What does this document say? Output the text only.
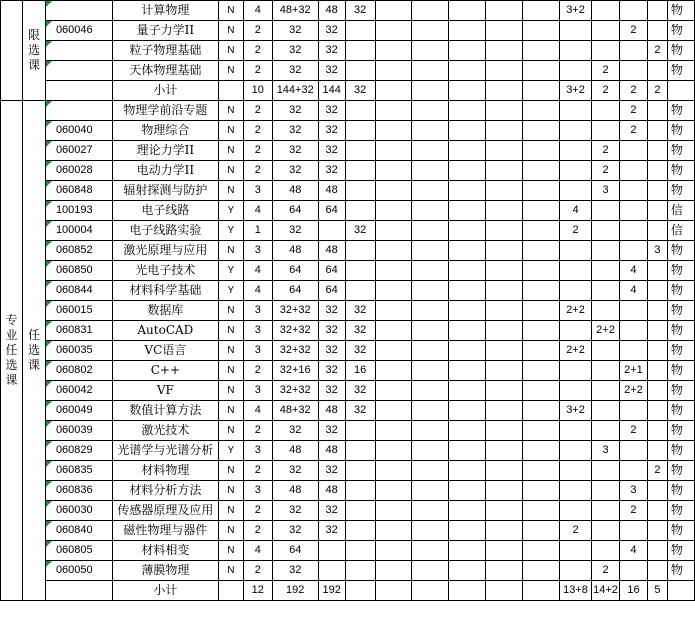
	限选课		计算物理	N	4	48+32	48	32						3+2				物
		060046	量子力学II	N	2	32	32									2		物
			粒子物理基础	N	2	32	32										2	物
			天体物理基础	N	2	32	32								2			物
			小计		10	144+32	144	32						3+2	2	2	2	
专业任选课	任选课		物理学前沿专题	N	2	32	32									2		物
		060040	物理综合	N	2	32	32									2		物
		060027	理论力学II	N	2	32	32								2			物
		060028	电动力学II	N	2	32	32								2			物
		060848	辐射探测与防护	N	3	48	48								3			物
		100193	电子线路	Y	4	64	64							4				信
		100004	电子线路实验	Y	1	32		32						2				信
		060852	激光原理与应用	N	3	48	48										3	物
		060850	光电子技术	Y	4	64	64									4		物
		060844	材料科学基础	Y	4	64	64									4		物
		060015	数据库	N	3	32+32	32	32						2+2				物
		060831	AutoCAD	N	3	32+32	32	32							2+2			物
		060035	VC语言	N	3	32+32	32	32						2+2				物
		060802	C++	N	2	32+16	32	16								2+1		物
		060042	VF	N	3	32+32	32	32								2+2		物
		060049	数值计算方法	N	4	48+32	48	32						3+2				物
		060039	激光技术	N	2	32	32									2		物
		060829	光谱学与光谱分析	Y	3	48	48								3			物
		060835	材料物理	N	2	32	32										2	物
		060836	材料分析方法	N	3	48	48									3		物
		060030	传感器原理及应用	N	2	32	32									2		物
		060840	磁性物理与器件	N	2	32	32							2				物
		060805	材料相变	N	4	64										4		物
		060050	薄膜物理	N	2	32									2			物
			小计		12	192	192							13+8	14+2	16	5	
